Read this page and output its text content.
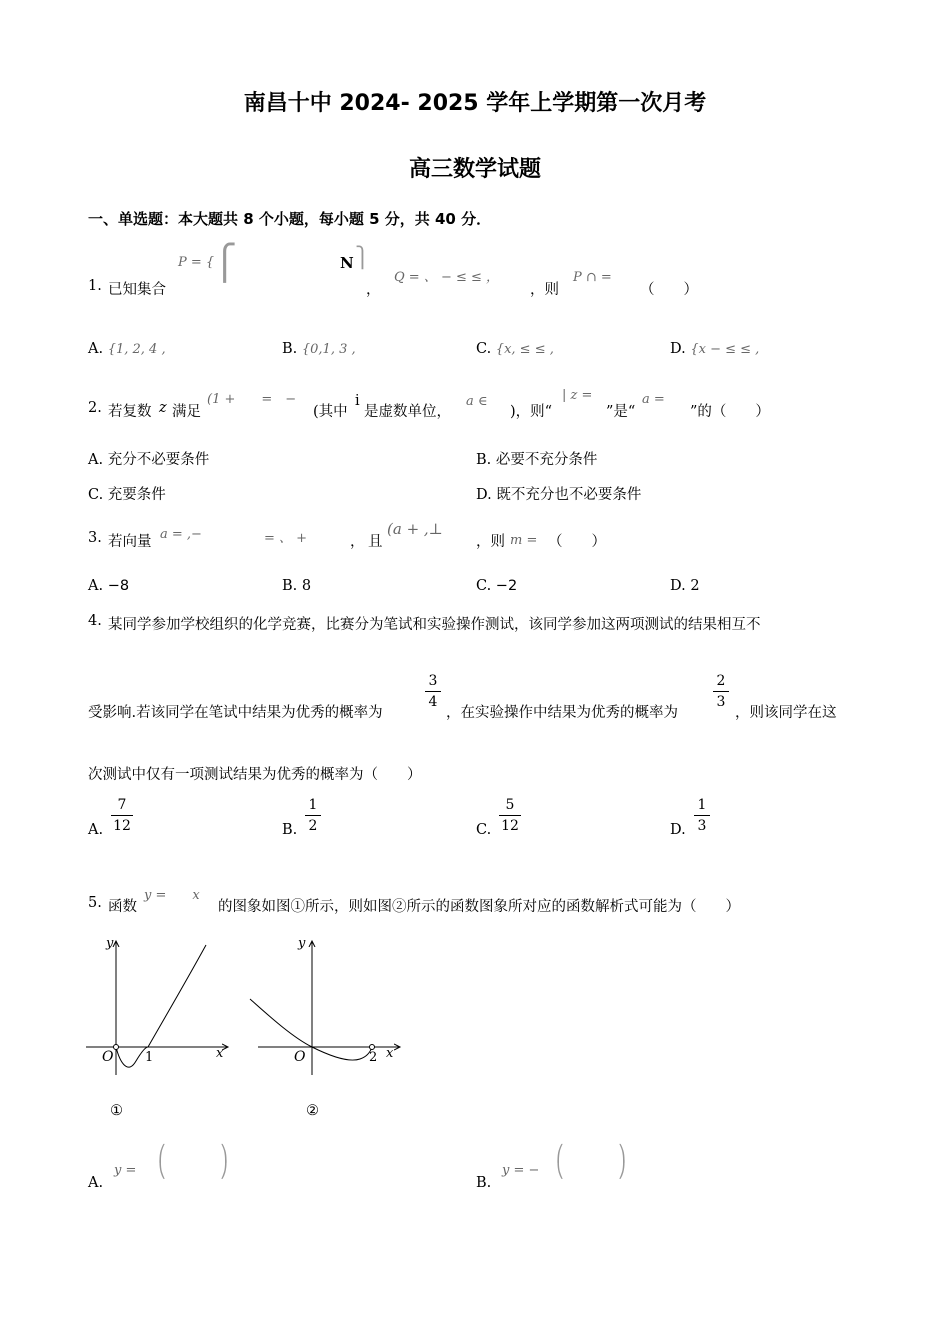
南昌十中 2024- 2025 学年上学期第一次月考
高三数学试题
一、单选题：本大题共 8 个小题，每小题 5 分，共 40 分．
1. 已知集合
P = {
⎧	N ⎫
，
Q = 、 − ≤ ≤ ，
，则
P ∩ =
（　　）
A. {1, 2, 4 ,	B. {0,1, 3 ,	C. {x, ≤ ≤ ,	D. {x − ≤ ≤ ,
2. 若复数 z 满足
(1 +　　=　−
(其中
i
是虚数单位，
a ∈
)，则“
| z =
”是“
a =
”的（　　）
A. 充分不必要条件	B. 必要不充分条件
C. 充要条件	D. 既不充分也不必要条件
3. 若向量 a = ,−	= 、 +	， 且
(a + ,⊥
，则 m = （　　）
A. −8	B. 8	C. −2	D. 2
4. 某同学参加学校组织的化学竞赛，比赛分为笔试和实验操作测试，该同学参加这两项测试的结果相互不
受影响.若该同学在笔试中结果为优秀的概率为
3
4
，在实验操作中结果为优秀的概率为
2
3
，则该同学在这
次测试中仅有一项测试结果为优秀的概率为（　　）
A.
7
12	B.
1
2	C.
5
12	D.
1
3
5. 函数
y =　　x
的图象如图①所示，则如图②所示的函数图象所对应的函数解析式可能为（　　）
y
x
O 1
①
y
x
O	2
②
A.
y =
⎛
⎝
⎞
⎠
B.
y = −
⎛
⎝
⎞
⎠
